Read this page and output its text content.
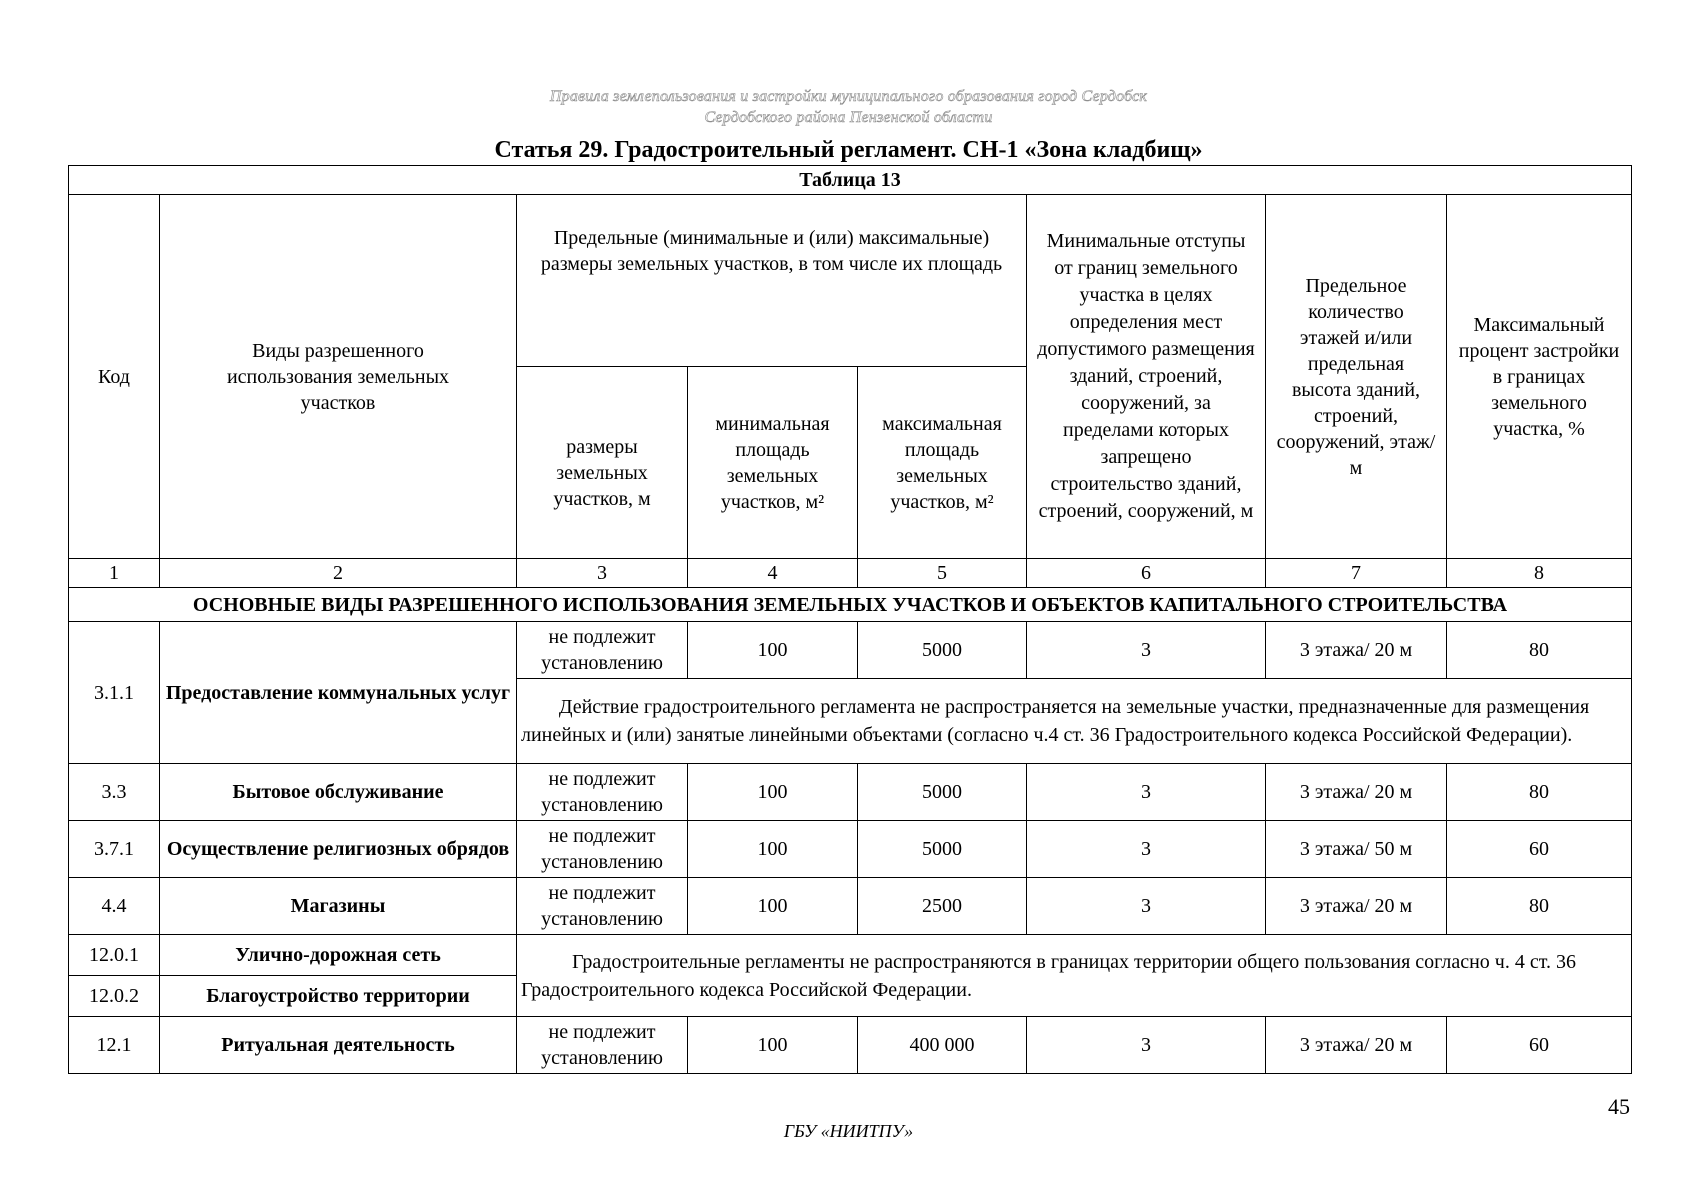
Правила землепользования и застройки муниципального образования город Сердобск
Сердобского района Пензенской области
Статья 29. Градостроительный регламент. СН-1 «Зона кладбищ»
Таблица 13							
Код	Виды разрешенного использования земельных участков	Предельные (минимальные и (или) максимальные) размеры земельных участков, в том числе их площадь			Минимальные отступы от границ земельного участка в целях определения мест допустимого размещения зданий, строений, сооружений, за пределами которых запрещено строительство зданий, строений, сооружений, м	Предельное количество этажей и/или предельная высота зданий, строений, сооружений, этаж/м	Максимальный процент застройки в границах земельного участка, %
		размеры земельных участков, м	минимальная площадь земельных участков, м²	максимальная площадь земельных участков, м²			
1	2	3	4	5	6	7	8
ОСНОВНЫЕ ВИДЫ РАЗРЕШЕННОГО ИСПОЛЬЗОВАНИЯ ЗЕМЕЛЬНЫХ УЧАСТКОВ И ОБЪЕКТОВ КАПИТАЛЬНОГО СТРОИТЕЛЬСТВА							
3.1.1	Предоставление коммунальных услуг	не подлежит установлению	100	5000	3	3 этажа/ 20 м	80
		Действие градостроительного регламента не распространяется на земельные участки, предназначенные для размещения линейных и (или) занятые линейными объектами (согласно ч.4 ст. 36 Градостроительного кодекса Российской Федерации).					
3.3	Бытовое обслуживание	не подлежит установлению	100	5000	3	3 этажа/ 20 м	80
3.7.1	Осуществление религиозных обрядов	не подлежит установлению	100	5000	3	3 этажа/ 50 м	60
4.4	Магазины	не подлежит установлению	100	2500	3	3 этажа/ 20 м	80
12.0.1	Улично-дорожная сеть	Градостроительные регламенты не распространяются в границах территории общего пользования согласно ч. 4 ст. 36 Градостроительного кодекса Российской Федерации.					
12.0.2	Благоустройство территории						
12.1	Ритуальная деятельность	не подлежит установлению	100	400 000	3	3 этажа/ 20 м	60
45
ГБУ «НИИТПУ»
